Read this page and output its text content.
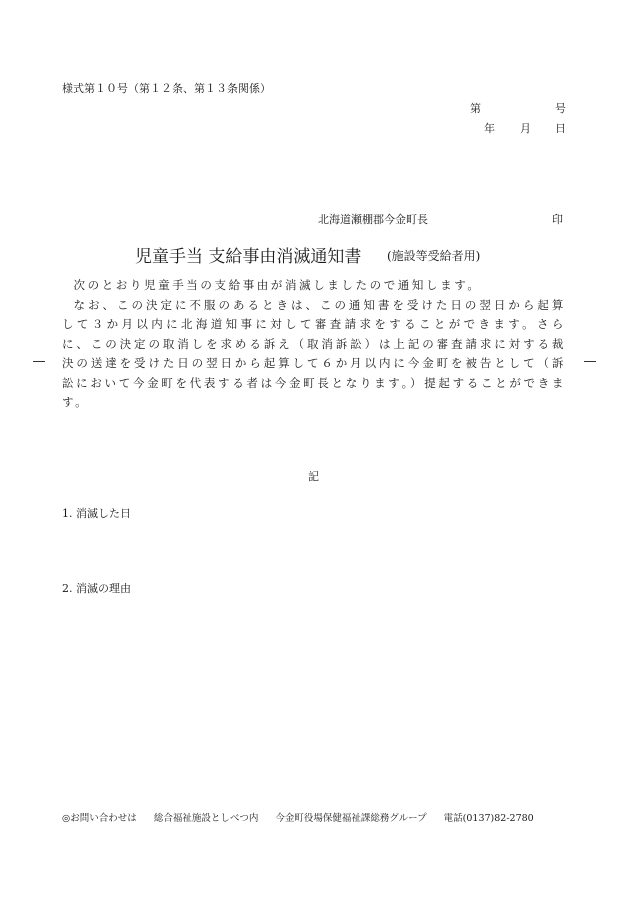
様式第１０号（第１２条、第１３条関係）
第	号
年 月 日
北海道瀬棚郡今金町長	印
児童手当 支給事由消滅通知書 (施設等受給者用)

次のとおり児童手当の支給事由が消滅しましたので通知します。

なお、この決定に不服のあるときは、この通知書を受けた日の翌日から起算して３か月以内に北海道知事に対して審査請求をすることができます。さらに、この決定の取消しを求める訴え（取消訴訟）は上記の審査請求に対する裁決の送達を受けた日の翌日から起算して６か月以内に今金町を被告として（訴訟において今金町を代表する者は今金町長となります。）提起することができます。

記
1. 消滅した日
2. 消滅の理由
◎お問い合わせは 総合福祉施設としべつ内 今金町役場保健福祉課総務グループ 電話(0137)82-2780
